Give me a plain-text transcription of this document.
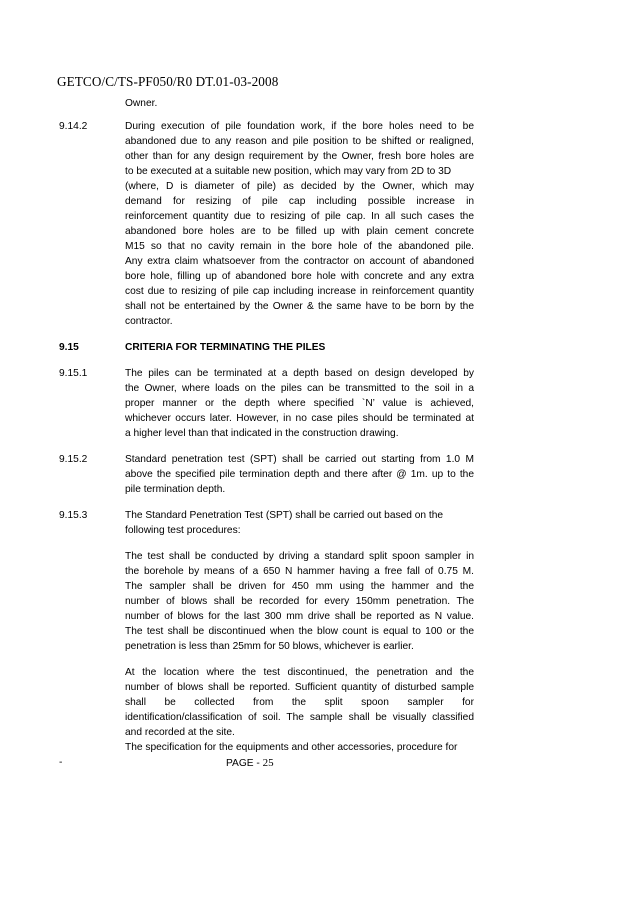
GETCO/C/TS-PF050/R0 DT.01-03-2008
Owner.
9.14.2	During execution of pile foundation work, if the bore holes need to be
abandoned due to any reason and pile position to be shifted or realigned,
other than for any design requirement by the Owner, fresh bore holes are
to be executed at a suitable new position, which may vary from 2D to 3D
(where, D is diameter of pile) as decided by the Owner, which may
demand for resizing of pile cap including possible increase in
reinforcement quantity due to resizing of pile cap. In all such cases the
abandoned bore holes are to be filled up with plain cement concrete
M15 so that no cavity remain in the bore hole of the abandoned pile.
Any extra claim whatsoever from the contractor on account of abandoned
bore hole, filling up of abandoned bore hole with concrete and any extra
cost due to resizing of pile cap including increase in reinforcement quantity
shall not be entertained by the Owner & the same have to be born by the
contractor.
9.15	CRITERIA FOR TERMINATING THE PILES
9.15.1	The piles can be terminated at a depth based on design developed by
the Owner, where loads on the piles can be transmitted to the soil in a
proper manner or the depth where specified `N’ value is achieved,
whichever occurs later. However, in no case piles should be terminated at
a higher level than that indicated in the construction drawing.
9.15.2	Standard penetration test (SPT) shall be carried out starting from 1.0 M
above the specified pile termination depth and there after @ 1m. up to the
pile termination depth.
9.15.3	The Standard Penetration Test (SPT) shall be carried out based on the
following test procedures:
The test shall be conducted by driving a standard split spoon sampler in
the borehole by means of a 650 N hammer having a free fall of 0.75 M.
The sampler shall be driven for 450 mm using the hammer and the
number of blows shall be recorded for every 150mm penetration. The
number of blows for the last 300 mm drive shall be reported as N value.
The test shall be discontinued when the blow count is equal to 100 or the
penetration is less than 25mm for 50 blows, whichever is earlier.
At the location where the test discontinued, the penetration and the
number of blows shall be reported. Sufficient quantity of disturbed sample
shall be collected from the split spoon sampler for
identification/classification of soil. The sample shall be visually classified
and recorded at the site.
The specification for the equipments and other accessories, procedure for
-	PAGE - 25
